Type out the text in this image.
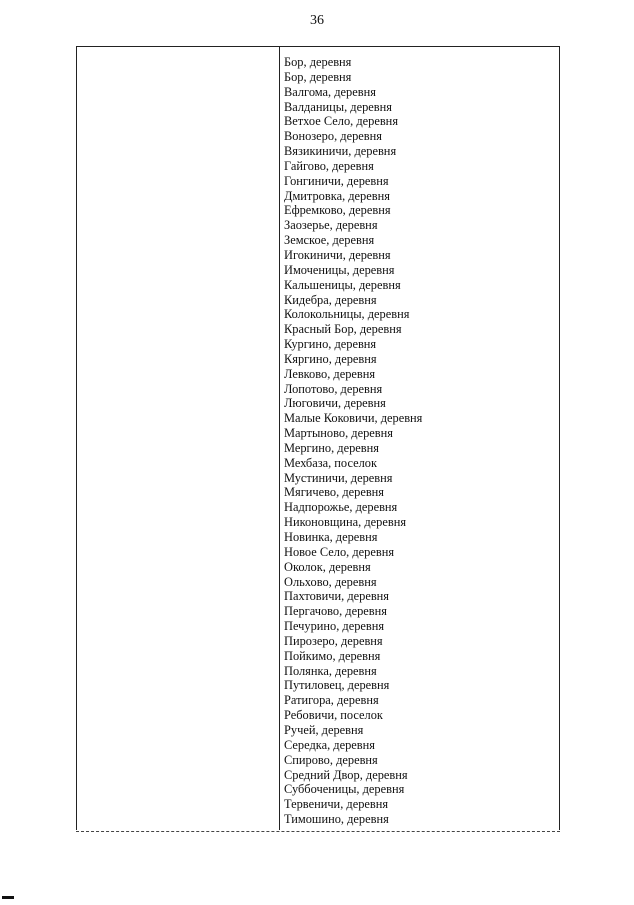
36
Бор, деревня
Бор, деревня
Валгома, деревня
Валданицы, деревня
Ветхое Село, деревня
Вонозеро, деревня
Вязикиничи, деревня
Гайгово, деревня
Гонгиничи, деревня
Дмитровка, деревня
Ефремково, деревня
Заозерье, деревня
Земское, деревня
Игокиничи, деревня
Имоченицы, деревня
Кальшеницы, деревня
Кидебра, деревня
Колокольницы, деревня
Красный Бор, деревня
Кургино, деревня
Кяргино, деревня
Левково, деревня
Лопотово, деревня
Люговичи, деревня
Малые Коковичи, деревня
Мартыново, деревня
Мергино, деревня
Мехбаза, поселок
Мустиничи, деревня
Мягичево, деревня
Надпорожье, деревня
Никоновщина, деревня
Новинка, деревня
Новое Село, деревня
Околок, деревня
Ольхово, деревня
Пахтовичи, деревня
Пергачово, деревня
Печурино, деревня
Пирозеро, деревня
Пойкимо, деревня
Полянка, деревня
Путиловец, деревня
Ратигора, деревня
Ребовичи, поселок
Ручей, деревня
Середка, деревня
Спирово, деревня
Средний Двор, деревня
Суббоченицы, деревня
Тервеничи, деревня
Тимошино, деревня
